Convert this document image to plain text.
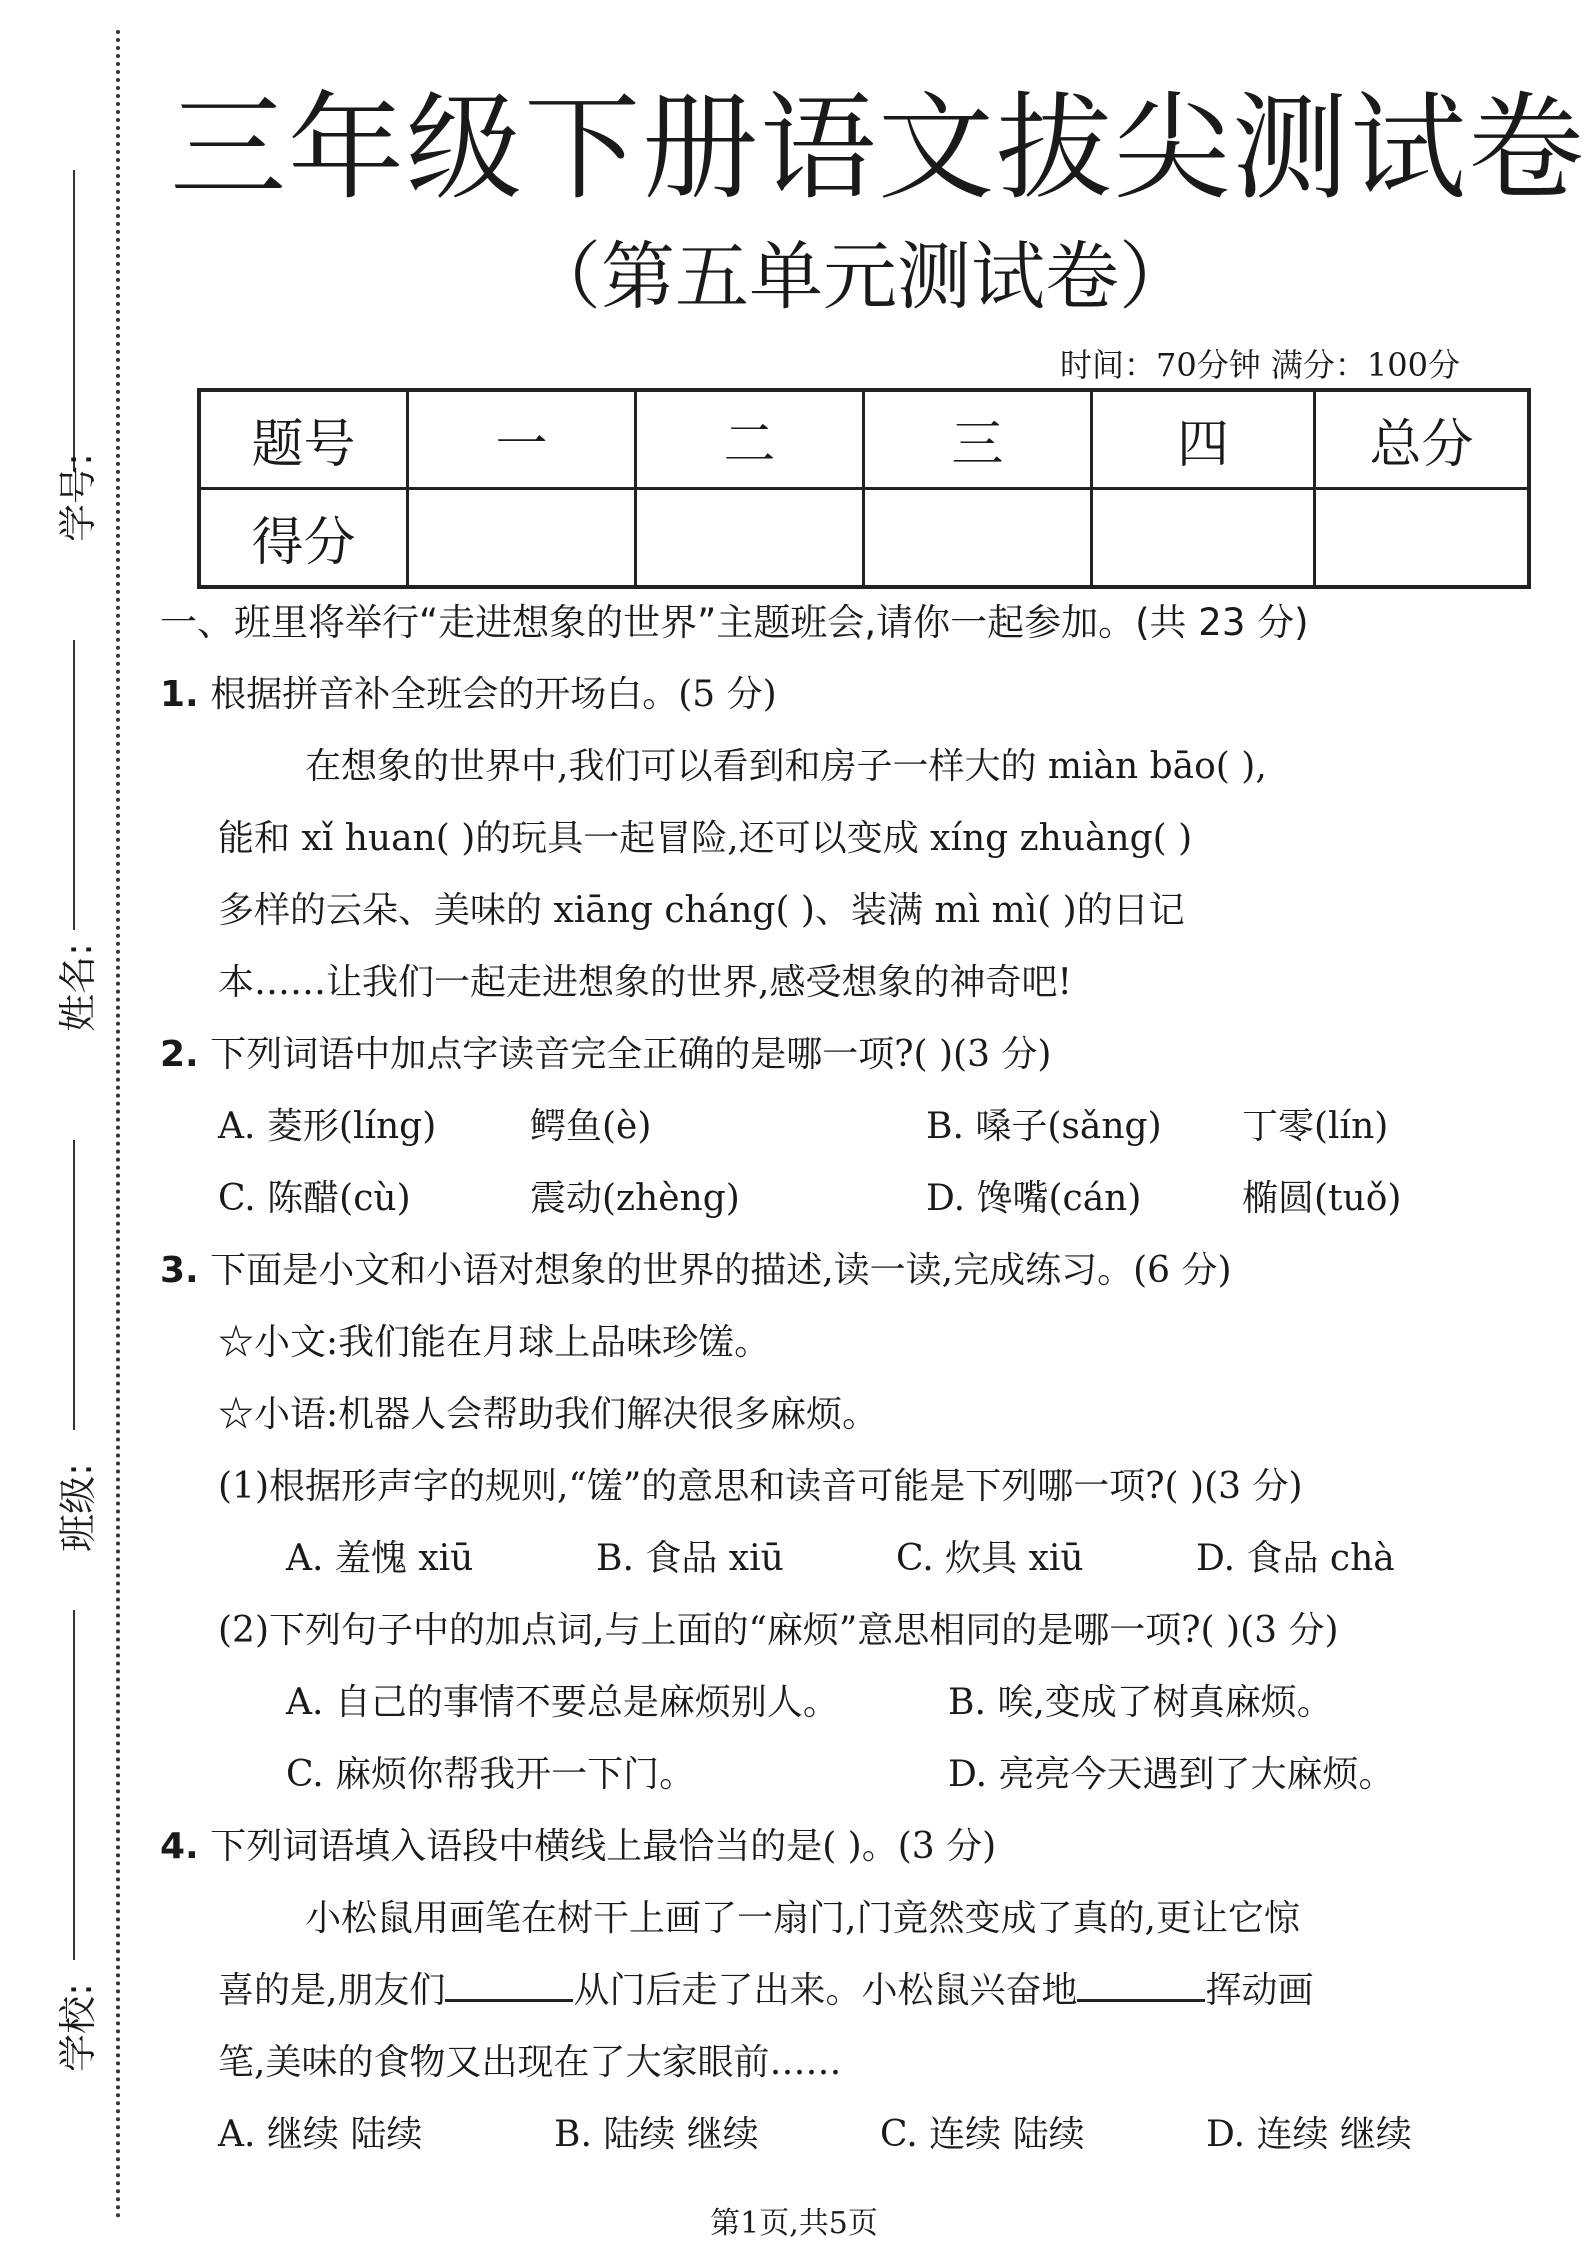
学号:
姓名:
班级:
学校:
三年级下册语文拔尖测试卷
（第五单元测试卷）
时间：70分钟 满分：100分
题号	一	二	三	四	总分
得分					
一、班里将举行“走进想象的世界”主题班会,请你一起参加。(共 23 分)
1. 根据拼音补全班会的开场白。(5 分)
在想象的世界中,我们可以看到和房子一样大的 miàn bāo( ),
能和 xǐ huan( )的玩具一起冒险,还可以变成 xíng zhuàng( )
多样的云朵、美味的 xiāng cháng( )、装满 mì mì( )的日记
本……让我们一起走进想象的世界,感受想象的神奇吧!
2. 下列词语中加点字读音完全正确的是哪一项?( )(3 分)
A. 菱形(líng)	鳄鱼(è)	B. 嗓子(sǎng) 丁零(lín)
C. 陈醋(cù)	震动(zhèng)	D. 馋嘴(cán)	椭圆(tuǒ)
3. 下面是小文和小语对想象的世界的描述,读一读,完成练习。(6 分)
☆小文:我们能在月球上品味珍馐。
☆小语:机器人会帮助我们解决很多麻烦。
(1)根据形声字的规则,“馐”的意思和读音可能是下列哪一项?( )(3 分)
A. 羞愧 xiū	B. 食品 xiū	C. 炊具 xiū	D. 食品 chà
(2)下列句子中的加点词,与上面的“麻烦”意思相同的是哪一项?( )(3 分)
A. 自己的事情不要总是麻烦别人。	B. 唉,变成了树真麻烦。
C. 麻烦你帮我开一下门。	D. 亮亮今天遇到了大麻烦。
4. 下列词语填入语段中横线上最恰当的是( )。(3 分)
小松鼠用画笔在树干上画了一扇门,门竟然变成了真的,更让它惊
喜的是,朋友们	从门后走了出来。小松鼠兴奋地	挥动画
笔,美味的食物又出现在了大家眼前……
A. 继续 陆续	B. 陆续 继续	C. 连续 陆续	D. 连续 继续
第1页,共5页
